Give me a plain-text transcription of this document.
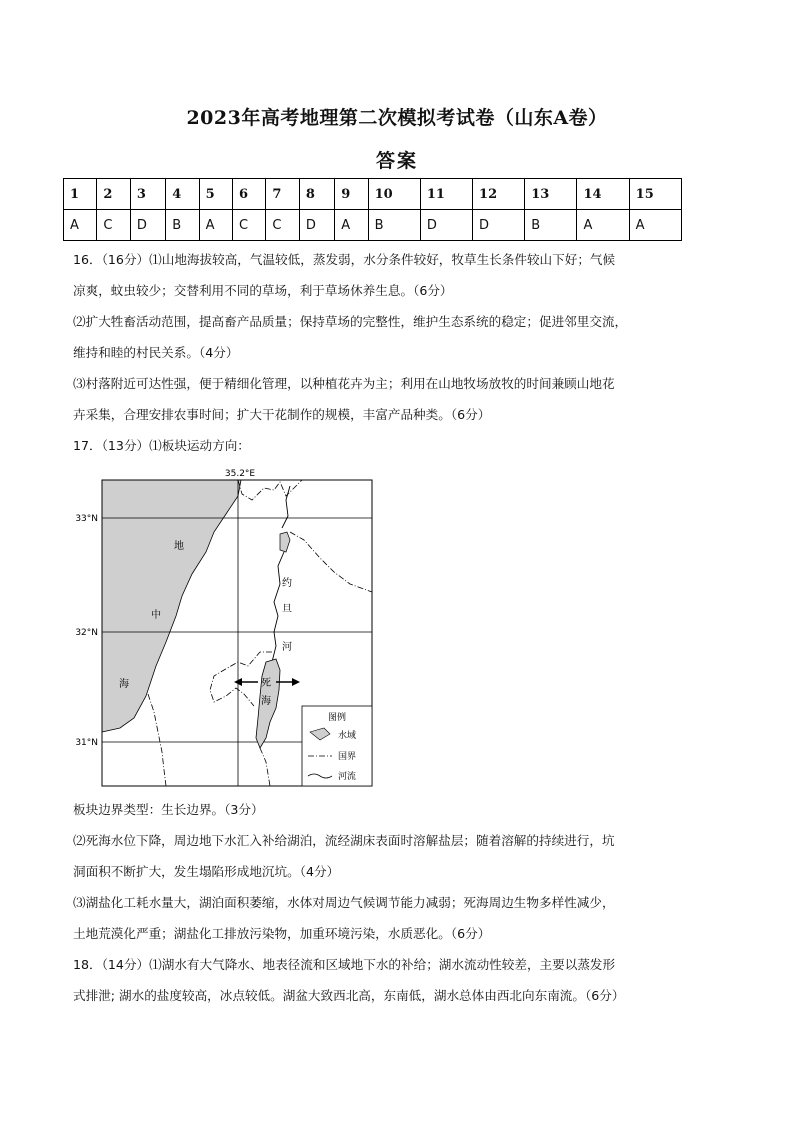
2023年高考地理第二次模拟考试卷（山东A卷）
答案
1	2	3	4	5	6	7	8	9	10	11	12	13	14	15
A	C	D	B	A	C	C	D	A	B	D	D	B	A	A
16．（16分）⑴山地海拔较高，气温较低，蒸发弱，水分条件较好，牧草生长条件较山下好；气候
凉爽，蚊虫较少；交替利用不同的草场，利于草场休养生息。（6分）
⑵扩大牲畜活动范围，提高畜产品质量；保持草场的完整性，维护生态系统的稳定；促进邻里交流，
维持和睦的村民关系。（4分）
⑶村落附近可达性强，便于精细化管理，以种植花卉为主；利用在山地牧场放牧的时间兼顾山地花
卉采集，合理安排农事时间；扩大干花制作的规模，丰富产品种类。（6分）
17．（13分）⑴板块运动方向：
35.2°E
33°N
32°N
31°N
地
中
海
约
旦
河
死
海
图例
水域
国界
河流
板块边界类型：生长边界。（3分）
⑵死海水位下降，周边地下水汇入补给湖泊，流经湖床表面时溶解盐层；随着溶解的持续进行，坑
洞面积不断扩大，发生塌陷形成地沉坑。（4分）
⑶湖盐化工耗水量大，湖泊面积萎缩，水体对周边气候调节能力减弱；死海周边生物多样性减少，
土地荒漠化严重；湖盐化工排放污染物，加重环境污染，水质恶化。（6分）
18．（14分）⑴湖水有大气降水、地表径流和区域地下水的补给；湖水流动性较差，主要以蒸发形
式排泄; 湖水的盐度较高，冰点较低。湖盆大致西北高，东南低，湖水总体由西北向东南流。（6分）
